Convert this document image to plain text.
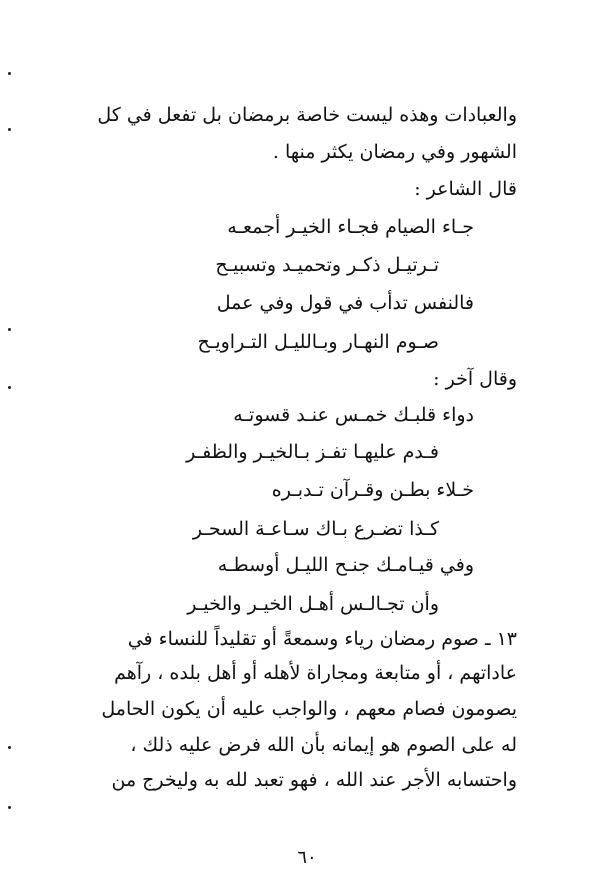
والعبادات وهذه ليست خاصة برمضان بل تفعل في كل
الشهور وفي رمضان يكثر منها .
قال الشاعر :
جـاء الصيام فجـاء الخيـر أجمعـه
تـرتيـل ذكـر وتحميـد وتسبيـح
فالنفس تدأب في قول وفي عمل
صـوم النهـار وبـالليـل التـراويـح
وقال آخر :
دواء قلبـك خمـس عنـد قسوتـه
فـدم عليهـا تفـز بـالخيـر والظفـر
خـلاء بطـن وقـرآن تـدبـره
كـذا تضـرع بـاك سـاعـة السحـر
وفي قيـامـك جنـح الليـل أوسطـه
وأن تجـالـس أهـل الخيـر والخيـر
١٣ ـ صوم رمضان رياء وسمعةً أو تقليداً للنساء في
عاداتهم ، أو متابعة ومجاراة لأهله أو أهل بلده ، رآهم
يصومون فصام معهم ، والواجب عليه أن يكون الحامل
له على الصوم هو إيمانه بأن الله فرض عليه ذلك ،
واحتسابه الأجر عند الله ، فهو تعبد لله به وليخرج من
٦٠
